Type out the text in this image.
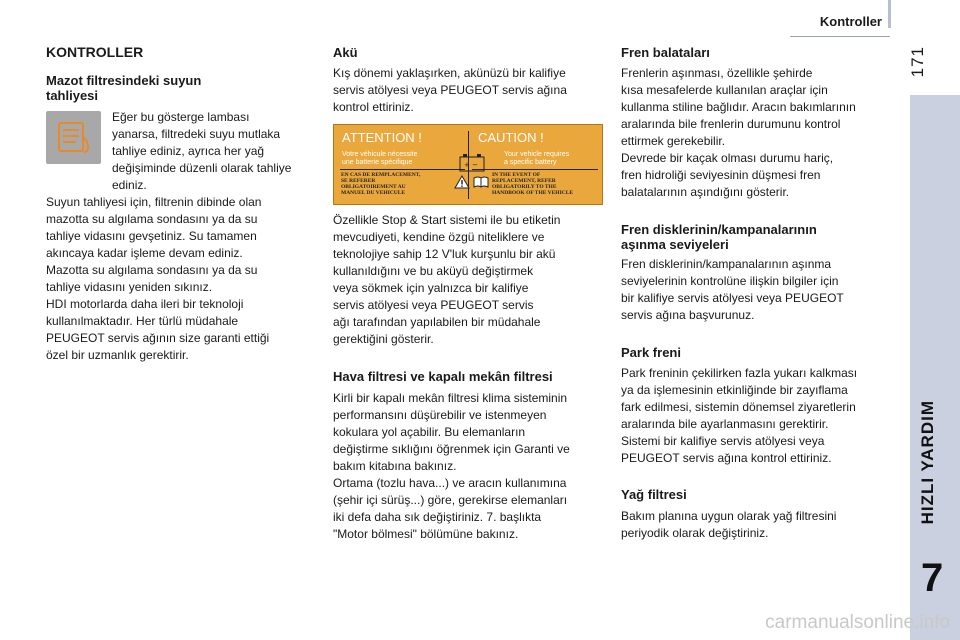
Kontroller
171
HIZLI YARDIM
7
KONTROLLER
Mazot filtresindeki suyun
tahliyesi

Eğer bu gösterge lambası
yanarsa, filtredeki suyu mutlaka
tahliye ediniz, ayrıca her yağ
değişiminde düzenli olarak tahliye
ediniz.

Suyun tahliyesi için, filtrenin dibinde olan
mazotta su algılama sondasını ya da su
tahliye vidasını gevşetiniz. Su tamamen
akıncaya kadar işleme devam ediniz.
Mazotta su algılama sondasını ya da su
tahliye vidasını yeniden sıkınız.
HDI motorlarda daha ileri bir teknoloji
kullanılmaktadır. Her türlü müdahale
PEUGEOT servis ağının size garanti ettiği
özel bir uzmanlık gerektirir.

Akü

Kış dönemi yaklaşırken, akünüzü bir kalifiye
servis atölyesi veya PEUGEOT servis ağına
kontrol ettiriniz.

ATTENTION !	CAUTION !
Votre véhicule nécessite
une batterie spécifique
Your vehicle requires
a specific battery
+ −
EN CAS DE REMPLACEMENT,
SE REFERER
OBLIGATOIREMENT AU
MANUEL DU VEHICULE
IN THE EVENT OF
REPLACEMENT, REFER
OBLIGATORILY TO THE
HANDBOOK OF THE VEHICLE

Özellikle Stop & Start sistemi ile bu etiketin
mevcudiyeti, kendine özgü niteliklere ve
teknolojiye sahip 12 V'luk kurşunlu bir akü
kullanıldığını ve bu aküyü değiştirmek
veya sökmek için yalnızca bir kalifiye
servis atölyesi veya PEUGEOT servis
ağı tarafından yapılabilen bir müdahale
gerektiğini gösterir.

Hava filtresi ve kapalı mekân filtresi

Kirli bir kapalı mekân filtresi klima sisteminin
performansını düşürebilir ve istenmeyen
kokulara yol açabilir. Bu elemanların
değiştirme sıklığını öğrenmek için Garanti ve
bakım kitabına bakınız.
Ortama (tozlu hava...) ve aracın kullanımına
(şehir içi sürüş...) göre, gerekirse elemanları
iki defa daha sık değiştiriniz. 7. başlıkta
"Motor bölmesi" bölümüne bakınız.

Fren balataları

Frenlerin aşınması, özellikle şehirde
kısa mesafelerde kullanılan araçlar için
kullanma stiline bağlıdır. Aracın bakımlarının
aralarında bile frenlerin durumunu kontrol
ettirmek gerekebilir.
Devrede bir kaçak olması durumu hariç,
fren hidroliği seviyesinin düşmesi fren
balatalarının aşındığını gösterir.

Fren disklerinin/kampanalarının
aşınma seviyeleri

Fren disklerinin/kampanalarının aşınma
seviyelerinin kontrolüne ilişkin bilgiler için
bir kalifiye servis atölyesi veya PEUGEOT
servis ağına başvurunuz.

Park freni

Park freninin çekilirken fazla yukarı kalkması
ya da işlemesinin etkinliğinde bir zayıflama
fark edilmesi, sistemin dönemsel ziyaretlerin
aralarında bile ayarlanmasını gerektirir.
Sistemi bir kalifiye servis atölyesi veya
PEUGEOT servis ağına kontrol ettiriniz.

Yağ filtresi

Bakım planına uygun olarak yağ filtresini
periyodik olarak değiştiriniz.

carmanualsonline.info
